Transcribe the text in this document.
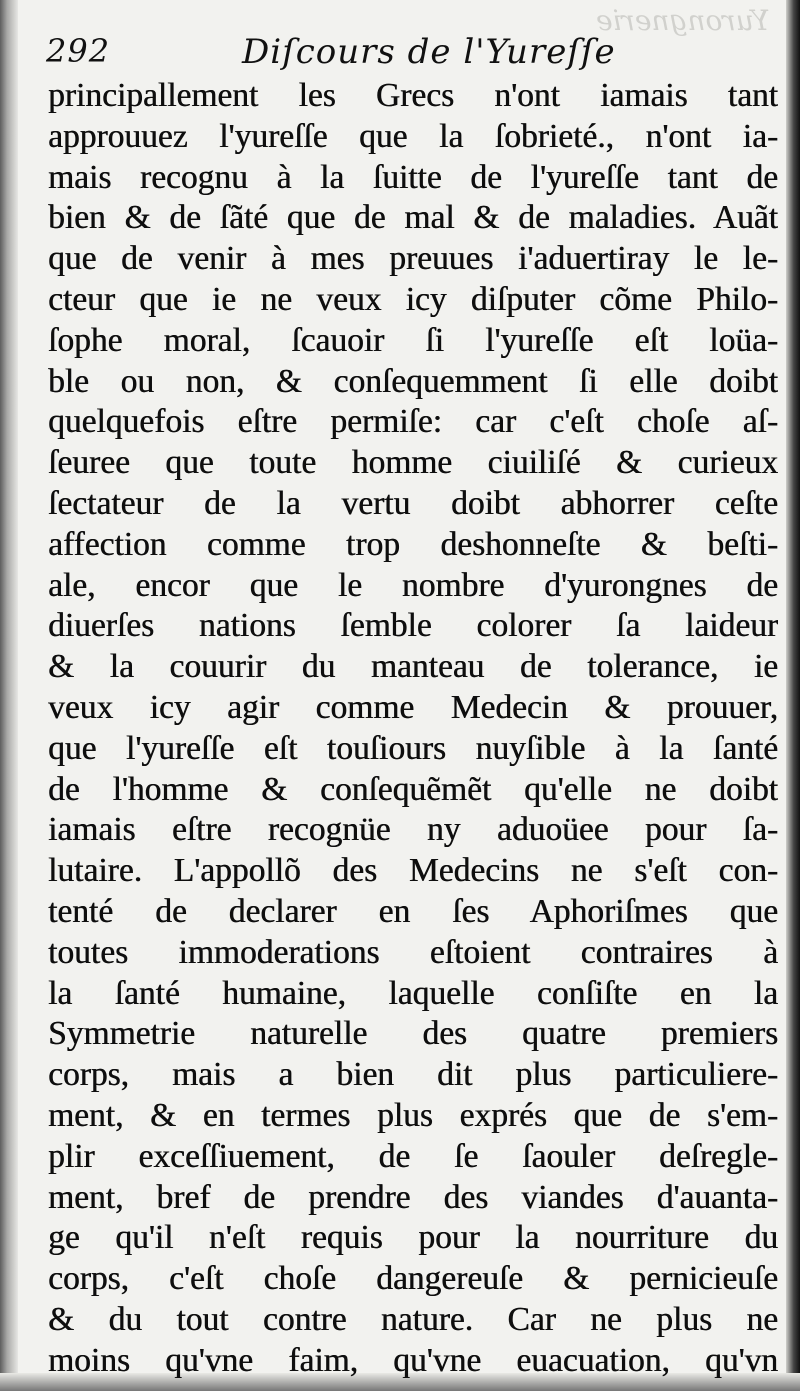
Yurongnerie
292	Diſcours de l'Yureſſe
principallement les Grecs n'ont iamais tant
approuuez l'yureſſe que la ſobrieté., n'ont ia-
mais recognu à la ſuitte de l'yureſſe tant de
bien & de ſãté que de mal & de maladies. Auãt
que de venir à mes preuues i'aduertiray le le-
cteur que ie ne veux icy diſputer cõme Philo-
ſophe moral, ſcauoir ſi l'yureſſe eſt loüa-
ble ou non, & conſequemment ſi elle doibt
quelquefois eſtre permiſe: car c'eſt choſe aſ-
ſeuree que toute homme ciuiliſé & curieux
ſectateur de la vertu doibt abhorrer ceſte
affection comme trop deshonneſte & beſti-
ale, encor que le nombre d'yurongnes de
diuerſes nations ſemble colorer ſa laideur
& la couurir du manteau de tolerance, ie
veux icy agir comme Medecin & prouuer,
que l'yureſſe eſt touſiours nuyſible à la ſanté
de l'homme & conſequẽmẽt qu'elle ne doibt
iamais eſtre recognüe ny aduoüee pour ſa-
lutaire. L'appollõ des Medecins ne s'eſt con-
tenté de declarer en ſes Aphoriſmes que
toutes immoderations eſtoient contraires à
la ſanté humaine, laquelle conſiſte en la
Symmetrie naturelle des quatre premiers
corps, mais a bien dit plus particuliere-
ment, & en termes plus exprés que de s'em-
plir exceſſiuement, de ſe ſaouler deſregle-
ment, bref de prendre des viandes d'auanta-
ge qu'il n'eſt requis pour la nourriture du
corps, c'eſt choſe dangereuſe & pernicieuſe
& du tout contre nature. Car ne plus ne
moins qu'vne faim, qu'vne euacuation, qu'vn
